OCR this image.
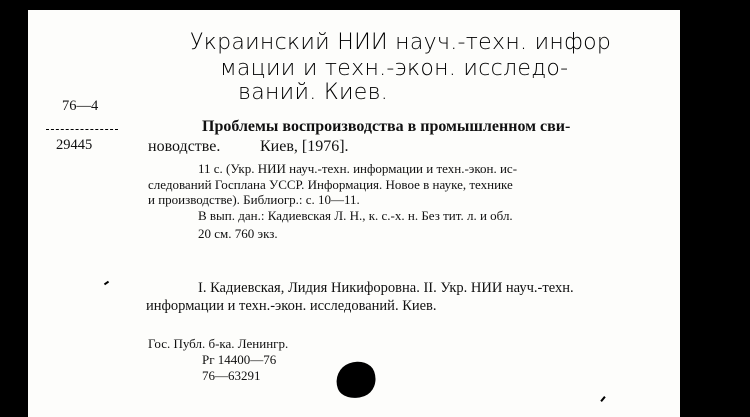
Украинский НИИ науч.-техн. инфор
мации и техн.-экон. исследо-
ваний. Киев.
76—4
29445
Проблемы воспроизводства в промышленном сви-
новодстве. Киев, [1976].
11 с. (Укр. НИИ науч.-техн. информации и техн.-экон. ис-
следований Госплана УССР. Информация. Новое в науке, технике
и производстве). Библиогр.: с. 10—11.
В вып. дан.: Кадиевская Л. Н., к. с.-х. н. Без тит. л. и обл.
20 см. 760 экз.
I. Кадиевская, Лидия Никифоровна. II. Укр. НИИ науч.-техн.
информации и техн.-экон. исследований. Киев.
Гос. Публ. б-ка. Ленингр.
Рг 14400—76
76—63291
